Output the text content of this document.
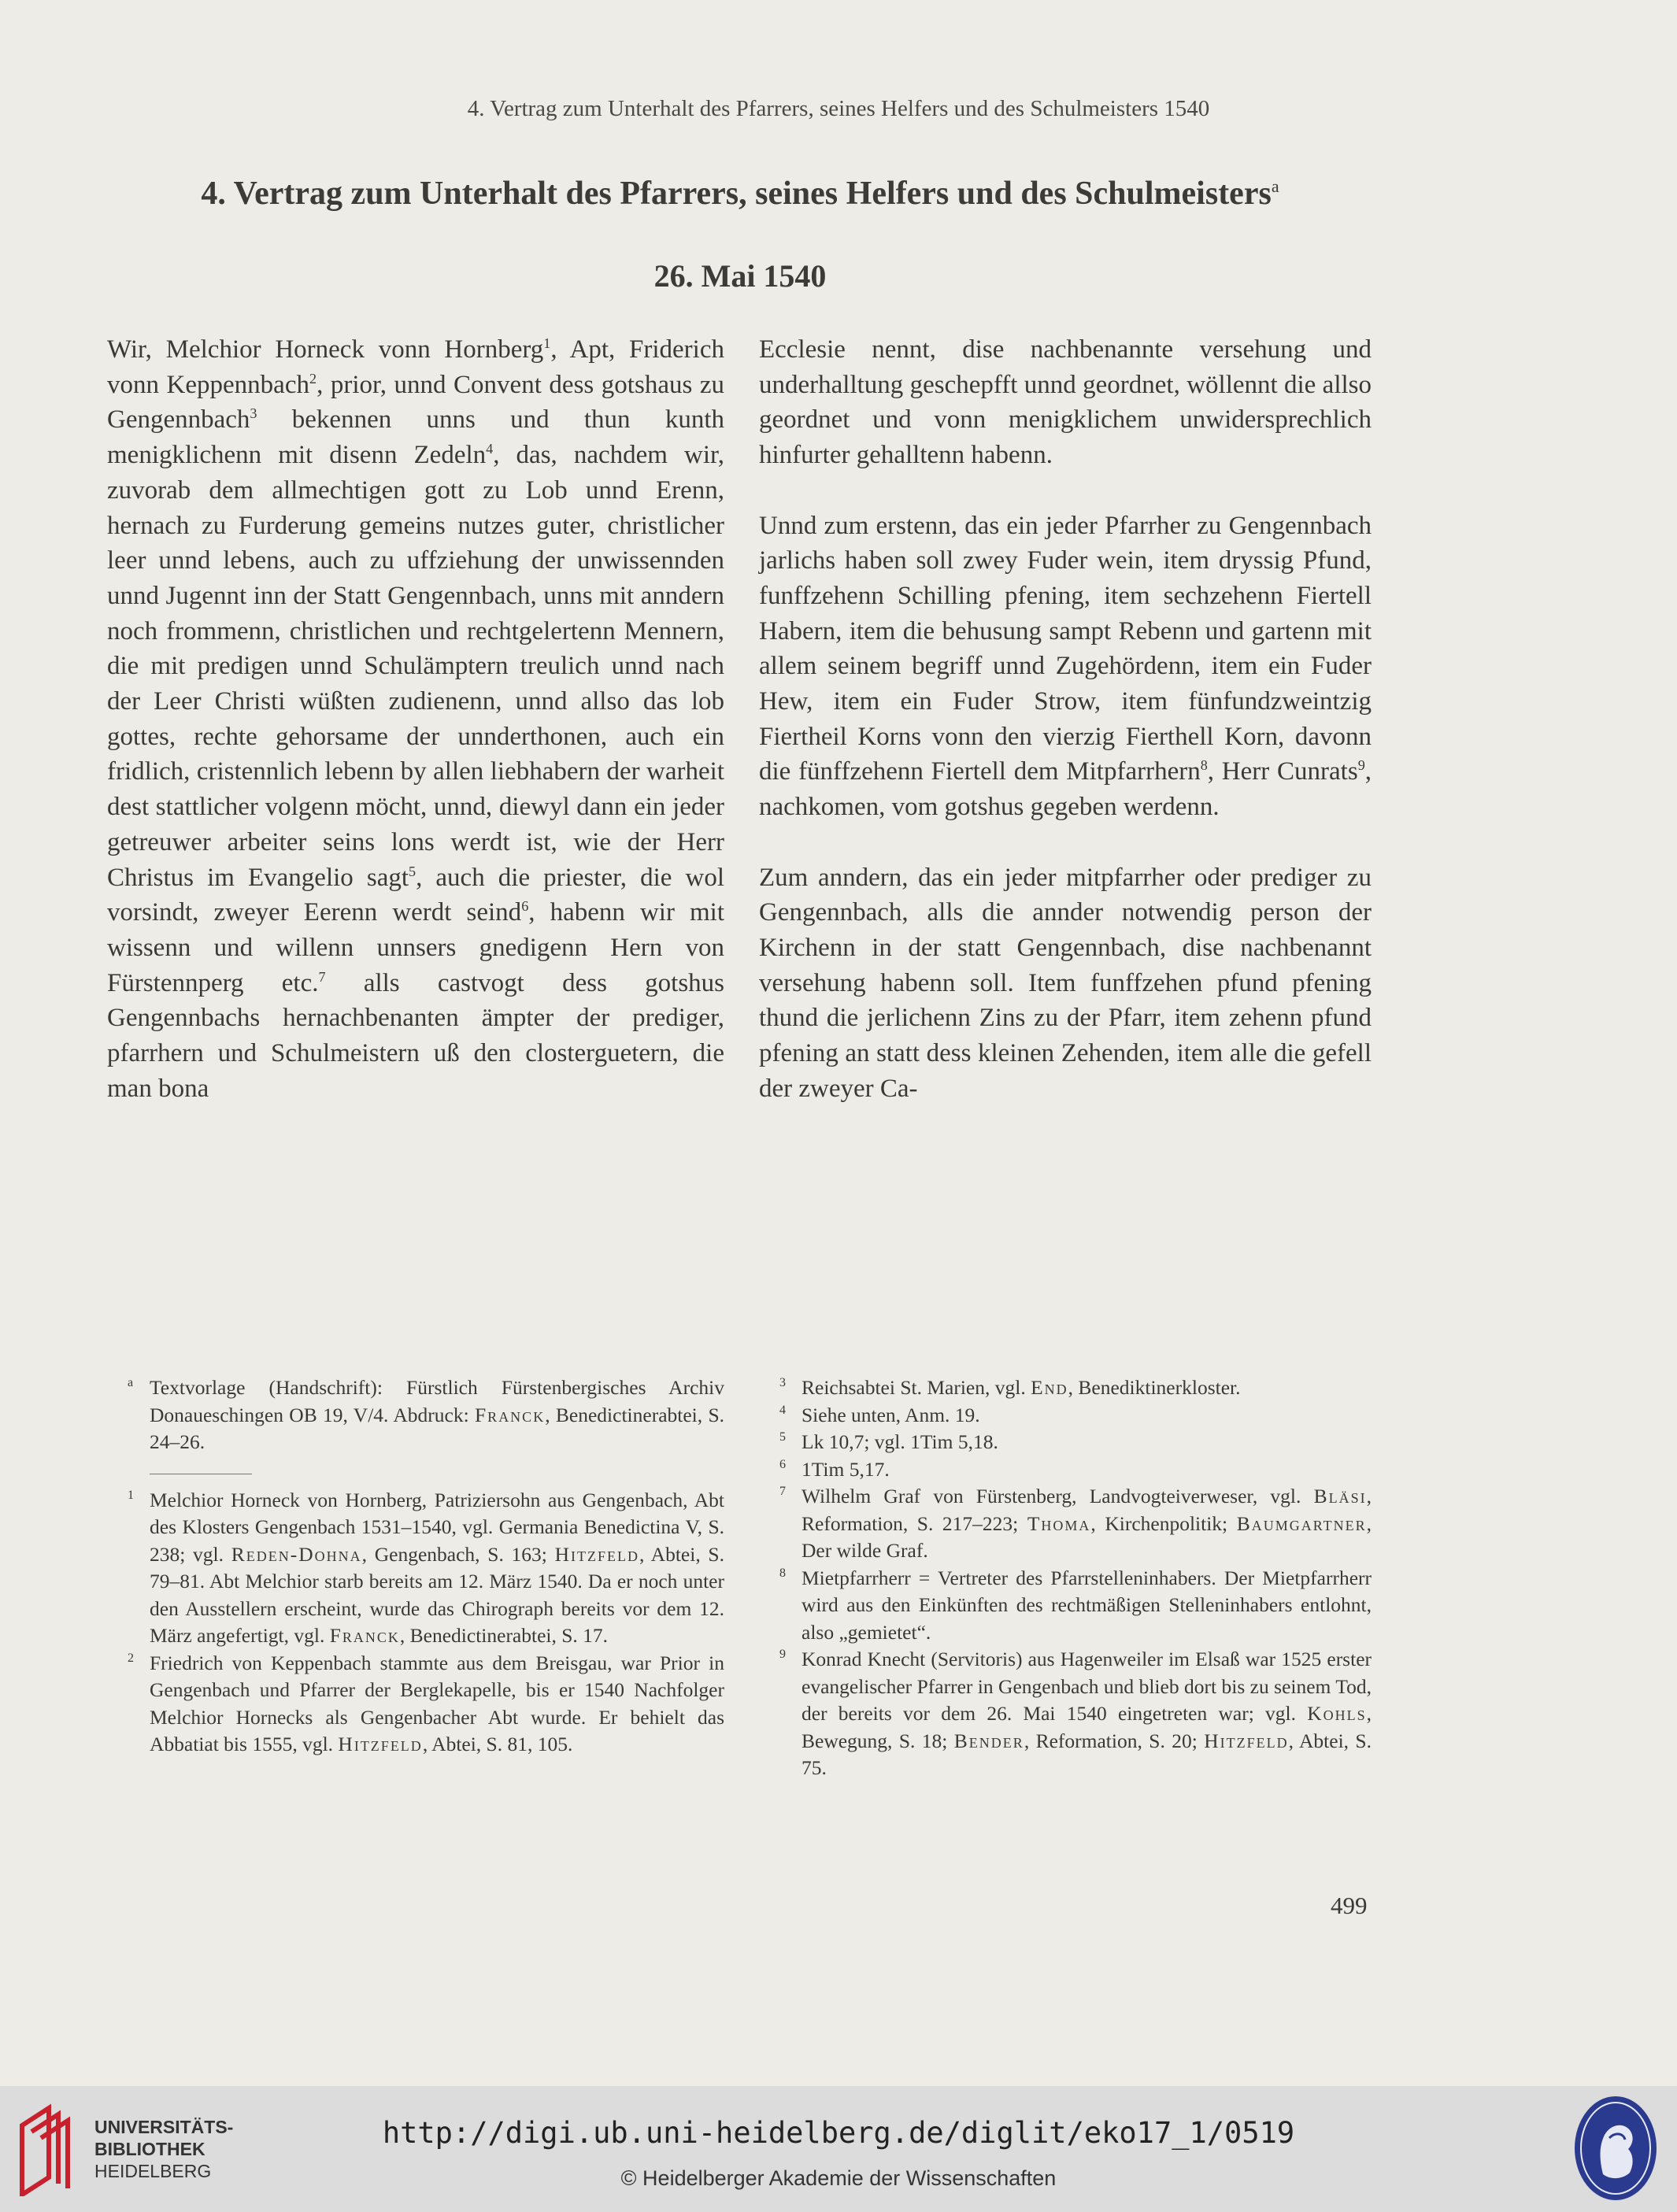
4. Vertrag zum Unterhalt des Pfarrers, seines Helfers und des Schulmeisters 1540
4. Vertrag zum Unterhalt des Pfarrers, seines Helfers und des Schulmeisters$^a$
26. Mai 1540

Wir, Melchior Horneck vonn Hornberg$^1$, Apt, Friderich vonn Keppennbach$^2$, prior, unnd Convent dess gotshaus zu Gengennbach$^3$ bekennen unns und thun kunth menigklichenn mit disenn Zedeln$^4$, das, nachdem wir, zuvorab dem allmechtigen gott zu Lob unnd Erenn, hernach zu Furderung gemeins nutzes guter, christlicher leer unnd lebens, auch zu uffziehung der unwissennden unnd Jugennt inn der Statt Gengennbach, unns mit anndern noch frommenn, christlichen und rechtgelertenn Mennern, die mit predigen unnd Schulämptern treulich unnd nach der Leer Christi wüßten zudienenn, unnd allso das lob gottes, rechte gehorsame der unnderthonen, auch ein fridlich, cristennlich lebenn by allen liebhabern der warheit dest stattlicher volgenn möcht, unnd, diewyl dann ein jeder getreuwer arbeiter seins lons werdt ist, wie der Herr Christus im Evangelio sagt$^5$, auch die priester, die wol vorsindt, zweyer Eerenn werdt seind$^6$, habenn wir mit wissenn und willenn unnsers gnedigenn Hern von Fürstennperg etc.$^7$ alls castvogt dess gotshus Gengennbachs hernachbenanten ämpter der prediger, pfarrhern und Schulmeistern uß den closterguetern, die man bona

Ecclesie nennt, dise nachbenannte versehung und underhalltung geschepfft unnd geordnet, wöllennt die allso geordnet und vonn menigklichem unwidersprechlich hinfurter gehalltenn habenn.

Unnd zum erstenn, das ein jeder Pfarrher zu Gengennbach jarlichs haben soll zwey Fuder wein, item dryssig Pfund, funffzehenn Schilling pfening, item sechzehenn Fiertell Habern, item die behusung sampt Rebenn und gartenn mit allem seinem begriff unnd Zugehördenn, item ein Fuder Hew, item ein Fuder Strow, item fünfundzweintzig Fiertheil Korns vonn den vierzig Fierthell Korn, davonn die fünffzehenn Fiertell dem Mitpfarrhern$^8$, Herr Cunrats$^9$, nachkomen, vom gotshus gegeben werdenn.

Zum anndern, das ein jeder mitpfarrher oder prediger zu Gengennbach, alls die annder notwendig person der Kirchenn in der statt Gengennbach, dise nachbenannt versehung habenn soll. Item funffzehen pfund pfening thund die jerlichenn Zins zu der Pfarr, item zehenn pfund pfening an statt dess kleinen Zehenden, item alle die gefell der zweyer Ca-

a Textvorlage (Handschrift): Fürstlich Fürstenbergisches Archiv Donaueschingen OB 19, V/4. Abdruck: Franck, Benedictinerabtei, S. 24–26.

1 Melchior Horneck von Hornberg, Patriziersohn aus Gengenbach, Abt des Klosters Gengenbach 1531–1540, vgl. Germania Benedictina V, S. 238; vgl. Reden-Dohna, Gengenbach, S. 163; Hitzfeld, Abtei, S. 79–81. Abt Melchior starb bereits am 12. März 1540. Da er noch unter den Ausstellern erscheint, wurde das Chirograph bereits vor dem 12. März angefertigt, vgl. Franck, Benedictinerabtei, S. 17.

2 Friedrich von Keppenbach stammte aus dem Breisgau, war Prior in Gengenbach und Pfarrer der Berglekapelle, bis er 1540 Nachfolger Melchior Hornecks als Gengenbacher Abt wurde. Er behielt das Abbatiat bis 1555, vgl. Hitzfeld, Abtei, S. 81, 105.

3 Reichsabtei St. Marien, vgl. End, Benediktinerkloster.

4 Siehe unten, Anm. 19.

5 Lk 10,7; vgl. 1Tim 5,18.

6 1Tim 5,17.

7 Wilhelm Graf von Fürstenberg, Landvogteiverweser, vgl. Bläsi, Reformation, S. 217–223; Thoma, Kirchenpolitik; Baumgartner, Der wilde Graf.

8 Mietpfarrherr = Vertreter des Pfarrstelleninhabers. Der Mietpfarrherr wird aus den Einkünften des rechtmäßigen Stelleninhabers entlohnt, also „gemietet“.

9 Konrad Knecht (Servitoris) aus Hagenweiler im Elsaß war 1525 erster evangelischer Pfarrer in Gengenbach und blieb dort bis zu seinem Tod, der bereits vor dem 26. Mai 1540 eingetreten war; vgl. Kohls, Bewegung, S. 18; Bender, Reformation, S. 20; Hitzfeld, Abtei, S. 75.

499
UNIVERSITÄTS-
BIBLIOTHEK
HEIDELBERG
http://digi.ub.uni-heidelberg.de/diglit/eko17_1/0519
© Heidelberger Akademie der Wissenschaften
